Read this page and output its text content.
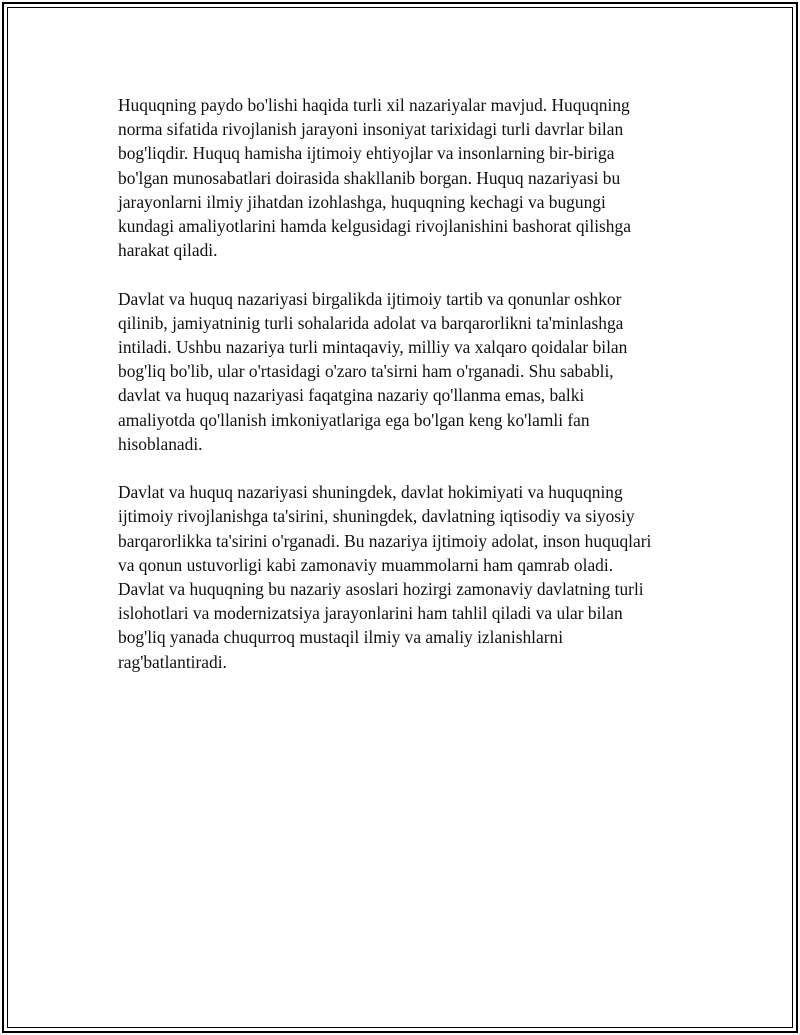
Huquqning paydo bo'lishi haqida turli xil nazariyalar mavjud. Huquqning
norma sifatida rivojlanish jarayoni insoniyat tarixidagi turli davrlar bilan
bog'liqdir. Huquq hamisha ijtimoiy ehtiyojlar va insonlarning bir-biriga
bo'lgan munosabatlari doirasida shakllanib borgan. Huquq nazariyasi bu
jarayonlarni ilmiy jihatdan izohlashga, huquqning kechagi va bugungi
kundagi amaliyotlarini hamda kelgusidagi rivojlanishini bashorat qilishga
harakat qiladi.

Davlat va huquq nazariyasi birgalikda ijtimoiy tartib va qonunlar oshkor
qilinib, jamiyatninig turli sohalarida adolat va barqarorlikni ta'minlashga
intiladi. Ushbu nazariya turli mintaqaviy, milliy va xalqaro qoidalar bilan
bog'liq bo'lib, ular o'rtasidagi o'zaro ta'sirni ham o'rganadi. Shu sababli,
davlat va huquq nazariyasi faqatgina nazariy qo'llanma emas, balki
amaliyotda qo'llanish imkoniyatlariga ega bo'lgan keng ko'lamli fan
hisoblanadi.

Davlat va huquq nazariyasi shuningdek, davlat hokimiyati va huquqning
ijtimoiy rivojlanishga ta'sirini, shuningdek, davlatning iqtisodiy va siyosiy
barqarorlikka ta'sirini o'rganadi. Bu nazariya ijtimoiy adolat, inson huquqlari
va qonun ustuvorligi kabi zamonaviy muammolarni ham qamrab oladi.
Davlat va huquqning bu nazariy asoslari hozirgi zamonaviy davlatning turli
islohotlari va modernizatsiya jarayonlarini ham tahlil qiladi va ular bilan
bog'liq yanada chuqurroq mustaqil ilmiy va amaliy izlanishlarni
rag'batlantiradi.
